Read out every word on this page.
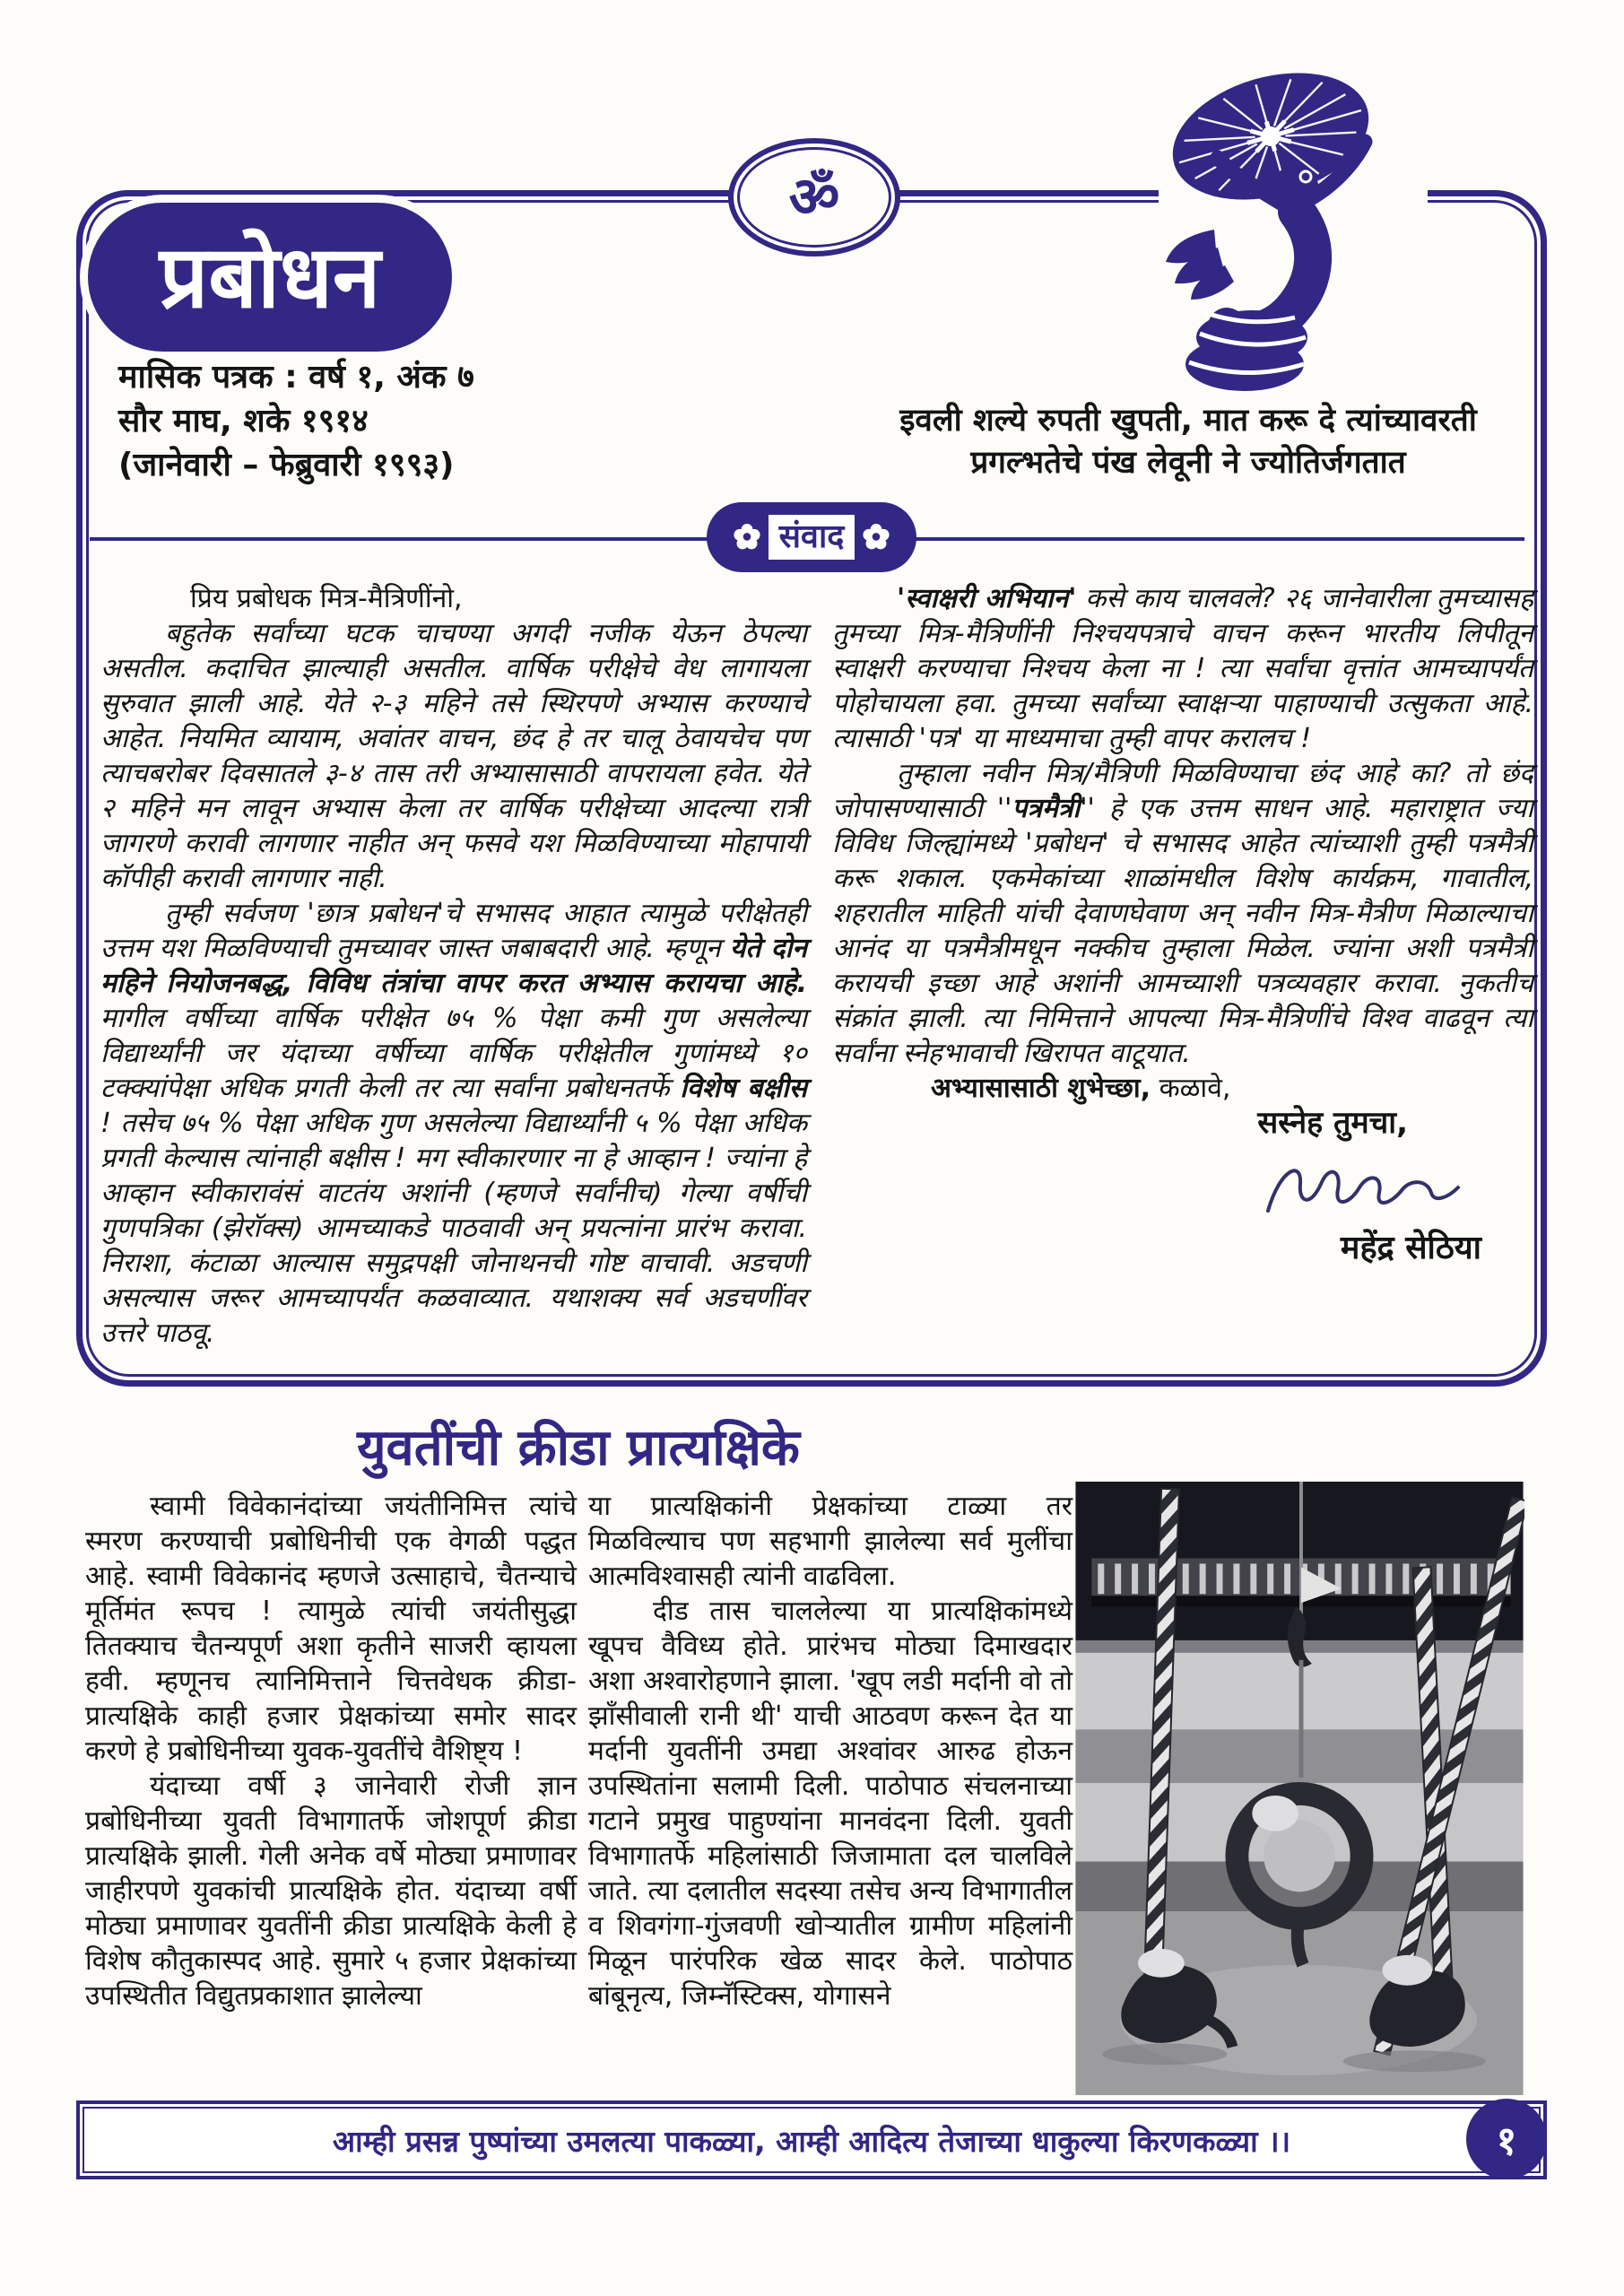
प्रबोधन
ॐ
मासिक पत्रक : वर्ष १, अंक ७
सौर माघ, शके १९१४
(जानेवारी – फेब्रुवारी १९९३)
इवली शल्ये रुपती खुपती, मात करू दे त्यांच्यावरती
प्रगल्भतेचे पंख लेवूनी ने ज्योतिर्जगतात
संवाद

प्रिय प्रबोधक मित्र-मैत्रिणींनो,

बहुतेक सर्वांच्या घटक चाचण्या अगदी नजीक येऊन ठेपल्या असतील. कदाचित झाल्याही असतील. वार्षिक परीक्षेचे वेध लागायला सुरुवात झाली आहे. येते २-३ महिने तसे स्थिरपणे अभ्यास करण्याचे आहेत. नियमित व्यायाम, अवांतर वाचन, छंद हे तर चालू ठेवायचेच पण त्याचबरोबर दिवसातले ३-४ तास तरी अभ्यासासाठी वापरायला हवेत. येते २ महिने मन लावून अभ्यास केला तर वार्षिक परीक्षेच्या आदल्या रात्री जागरणे करावी लागणार नाहीत अन् फसवे यश मिळविण्याच्या मोहापायी कॉपीही करावी लागणार नाही.

तुम्ही सर्वजण 'छात्र प्रबोधन'चे सभासद आहात त्यामुळे परीक्षेतही उत्तम यश मिळविण्याची तुमच्यावर जास्त जबाबदारी आहे. म्हणून येते दोन महिने नियोजनबद्ध, विविध तंत्रांचा वापर करत अभ्यास करायचा आहे. मागील वर्षीच्या वार्षिक परीक्षेत ७५ % पेक्षा कमी गुण असलेल्या विद्यार्थ्यांनी जर यंदाच्या वर्षीच्या वार्षिक परीक्षेतील गुणांमध्ये १० टक्क्यांपेक्षा अधिक प्रगती केली तर त्या सर्वांना प्रबोधनतर्फे विशेष बक्षीस ! तसेच ७५ % पेक्षा अधिक गुण असलेल्या विद्यार्थ्यांनी ५ % पेक्षा अधिक प्रगती केल्यास त्यांनाही बक्षीस ! मग स्वीकारणार ना हे आव्हान ! ज्यांना हे आव्हान स्वीकारावंसं वाटतंय अशांनी (म्हणजे सर्वांनीच) गेल्या वर्षीची गुणपत्रिका (झेरॉक्स) आमच्याकडे पाठवावी अन् प्रयत्नांना प्रारंभ करावा. निराशा, कंटाळा आल्यास समुद्रपक्षी जोनाथनची गोष्ट वाचावी. अडचणी असल्यास जरूर आमच्यापर्यंत कळवाव्यात. यथाशक्य सर्व अडचणींवर उत्तरे पाठवू.

'स्वाक्षरी अभियान' कसे काय चालवले? २६ जानेवारीला तुमच्यासह तुमच्या मित्र-मैत्रिणींनी निश्चयपत्राचे वाचन करून भारतीय लिपीतून स्वाक्षरी करण्याचा निश्चय केला ना ! त्या सर्वांचा वृत्तांत आमच्यापर्यंत पोहोचायला हवा. तुमच्या सर्वांच्या स्वाक्षऱ्या पाहाण्याची उत्सुकता आहे. त्यासाठी 'पत्र' या माध्यमाचा तुम्ही वापर करालच !

तुम्हाला नवीन मित्र/मैत्रिणी मिळविण्याचा छंद आहे का? तो छंद जोपासण्यासाठी ''पत्रमैत्री'' हे एक उत्तम साधन आहे. महाराष्ट्रात ज्या विविध जिल्ह्यांमध्ये 'प्रबोधन' चे सभासद आहेत त्यांच्याशी तुम्ही पत्रमैत्री करू शकाल. एकमेकांच्या शाळांमधील विशेष कार्यक्रम, गावातील, शहरातील माहिती यांची देवाणघेवाण अन् नवीन मित्र-मैत्रीण मिळाल्याचा आनंद या पत्रमैत्रीमधून नक्कीच तुम्हाला मिळेल. ज्यांना अशी पत्रमैत्री करायची इच्छा आहे अशांनी आमच्याशी पत्रव्यवहार करावा. नुकतीच संक्रांत झाली. त्या निमित्ताने आपल्या मित्र-मैत्रिणींचे विश्व वाढवून त्या सर्वांना स्नेहभावाची खिरापत वाटूयात.

अभ्यासासाठी शुभेच्छा, कळावे,

सस्नेह तुमचा,

महेंद्र सेठिया

युवतींची क्रीडा प्रात्यक्षिके

स्वामी विवेकानंदांच्या जयंतीनिमित्त त्यांचे स्मरण करण्याची प्रबोधिनीची एक वेगळी पद्धत आहे. स्वामी विवेकानंद म्हणजे उत्साहाचे, चैतन्याचे मूर्तिमंत रूपच ! त्यामुळे त्यांची जयंतीसुद्धा तितक्याच चैतन्यपूर्ण अशा कृतीने साजरी व्हायला हवी. म्हणूनच त्यानिमित्ताने चित्तवेधक क्रीडा-प्रात्यक्षिके काही हजार प्रेक्षकांच्या समोर सादर करणे हे प्रबोधिनीच्या युवक-युवतींचे वैशिष्ट्य !

यंदाच्या वर्षी ३ जानेवारी रोजी ज्ञान प्रबोधिनीच्या युवती विभागातर्फे जोशपूर्ण क्रीडा प्रात्यक्षिके झाली. गेली अनेक वर्षे मोठ्या प्रमाणावर जाहीरपणे युवकांची प्रात्यक्षिके होत. यंदाच्या वर्षी मोठ्या प्रमाणावर युवतींनी क्रीडा प्रात्यक्षिके केली हे विशेष कौतुकास्पद आहे. सुमारे ५ हजार प्रेक्षकांच्या उपस्थितीत विद्युतप्रकाशात झालेल्या

या प्रात्यक्षिकांनी प्रेक्षकांच्या टाळ्या तर मिळविल्याच पण सहभागी झालेल्या सर्व मुलींचा आत्मविश्वासही त्यांनी वाढविला.

दीड तास चाललेल्या या प्रात्यक्षिकांमध्ये खूपच वैविध्य होते. प्रारंभच मोठ्या दिमाखदार अशा अश्वारोहणाने झाला. 'खूप लडी मर्दानी वो तो झाँसीवाली रानी थी' याची आठवण करून देत या मर्दानी युवतींनी उमद्या अश्वांवर आरुढ होऊन उपस्थितांना सलामी दिली. पाठोपाठ संचलनाच्या गटाने प्रमुख पाहुण्यांना मानवंदना दिली. युवती विभागातर्फे महिलांसाठी जिजामाता दल चालविले जाते. त्या दलातील सदस्या तसेच अन्य विभागातील व शिवगंगा-गुंजवणी खोऱ्यातील ग्रामीण महिलांनी मिळून पारंपरिक खेळ सादर केले. पाठोपाठ बांबूनृत्य, जिम्नॅस्टिक्स, योगासने

आम्ही प्रसन्न पुष्पांच्या उमलत्या पाकळ्या, आम्ही आदित्य तेजाच्या धाकुल्या किरणकळ्या ।।	१
